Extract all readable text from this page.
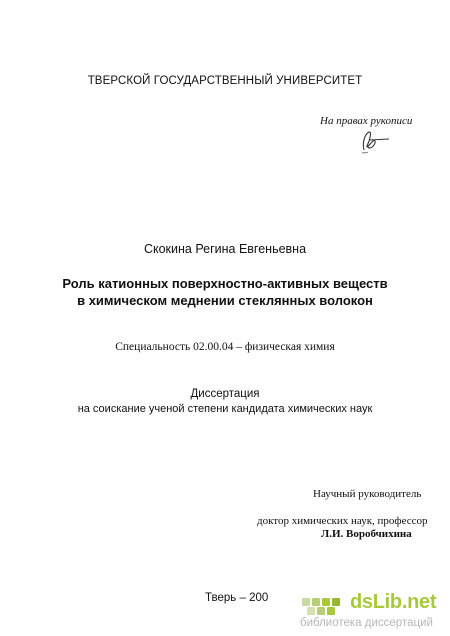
ТВЕРСКОЙ ГОСУДАРСТВЕННЫЙ УНИВЕРСИТЕТ
На правах рукописи
Скокина Регина Евгеньевна
Роль катионных поверхностно-активных веществ
в химическом меднении стеклянных волокон
Специальность 02.00.04 – физическая химия
Диссертация
на соискание ученой степени кандидата химических наук
Научный руководитель
доктор химических наук, профессор
Л.И. Воробчихина
Тверь – 200	dsLib.net
библиотека диссертаций
